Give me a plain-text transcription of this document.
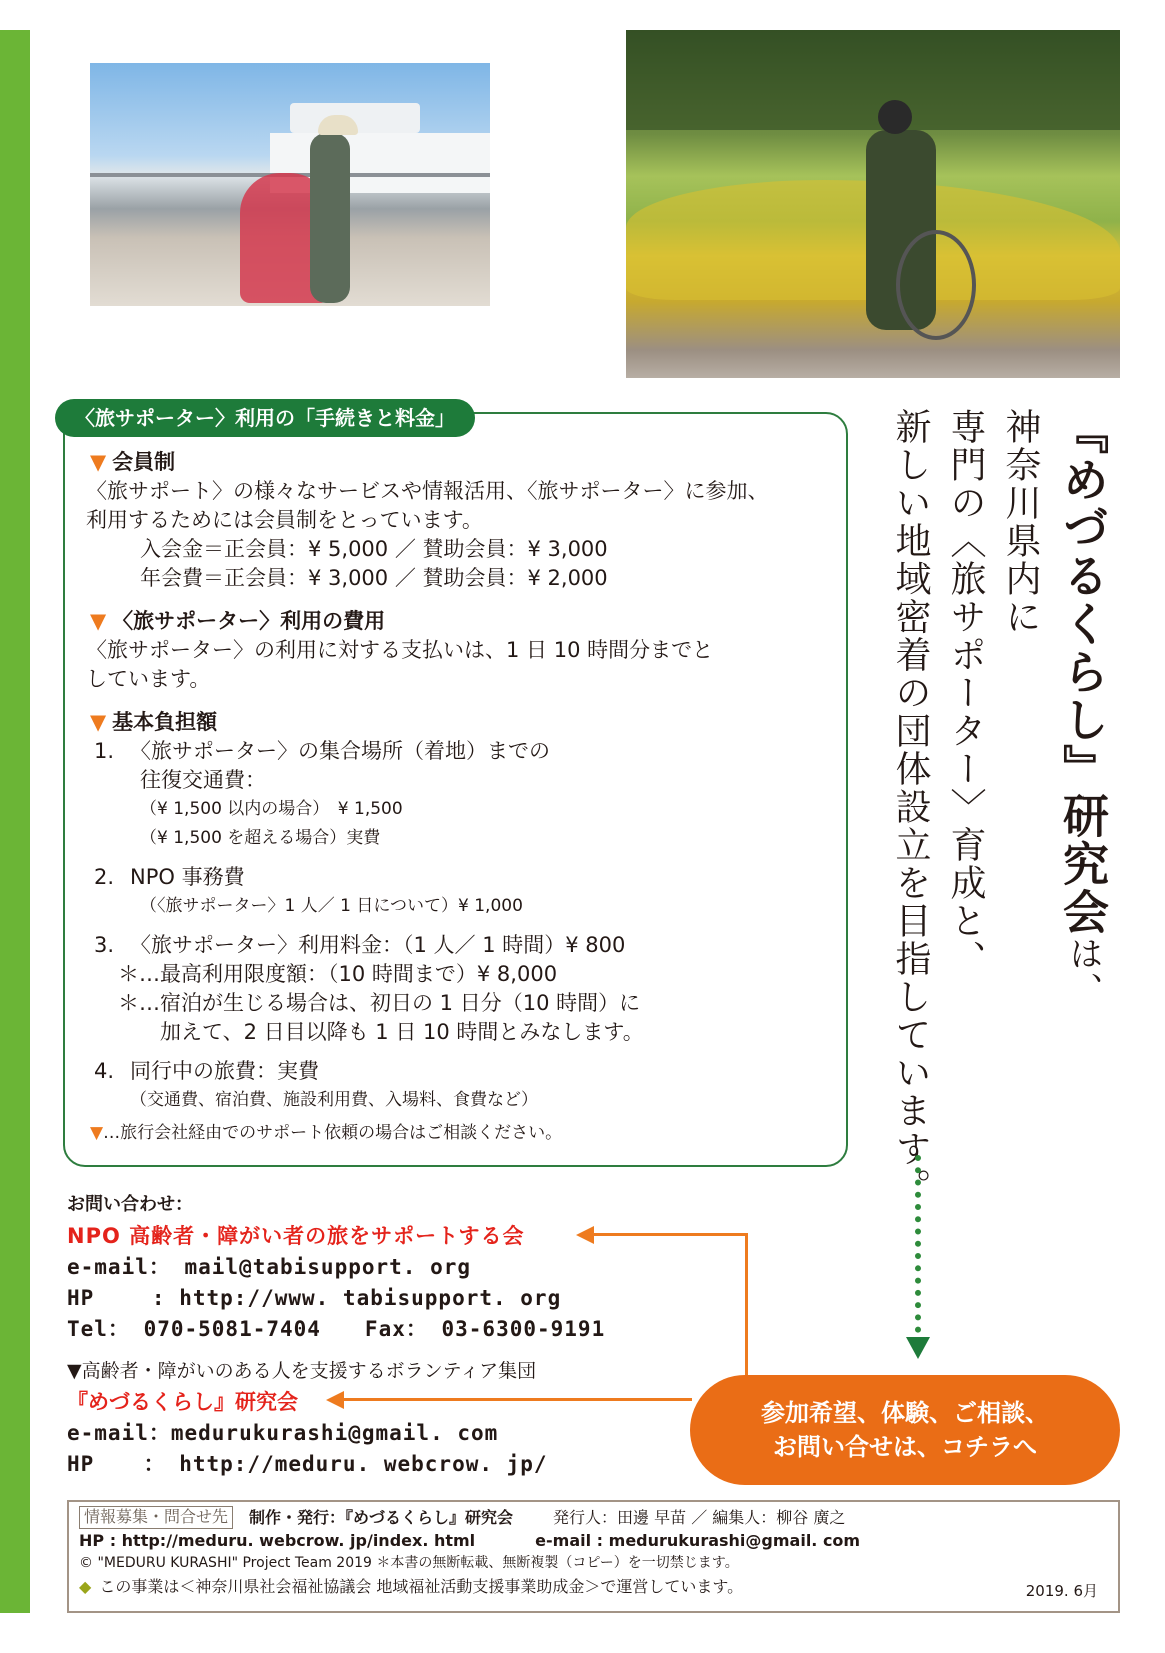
〈旅サポーター〉利用の「手続きと料金」
▼ 会員制
〈旅サポート〉の様々なサービスや情報活用、〈旅サポーター〉に参加、
利用するためには会員制をとっています。
入会金＝正会員：¥ 5,000 ／ 賛助会員：¥ 3,000
年会費＝正会員：¥ 3,000 ／ 賛助会員：¥ 2,000
▼ 〈旅サポーター〉利用の費用
〈旅サポーター〉の利用に対する支払いは、1 日 10 時間分までと
しています。
▼ 基本負担額
1. 〈旅サポーター〉の集合場所（着地）までの
往復交通費：
（¥ 1,500 以内の場合）　¥ 1,500
（¥ 1,500 を超える場合）実費
2. NPO 事務費
（〈旅サポーター〉1 人／ 1 日について）¥ 1,000
3. 〈旅サポーター〉利用料金：（1 人／ 1 時間）¥ 800
＊…最高利用限度額：（10 時間まで）¥ 8,000
＊…宿泊が生じる場合は、初日の 1 日分（10 時間）に
加えて、2 日目以降も 1 日 10 時間とみなします。
4. 同行中の旅費：実費
（交通費、宿泊費、施設利用費、入場料、食費など）
▼…旅行会社経由でのサポート依頼の場合はご相談ください。
『めづるくらし』研究会は、
神奈川県内に
専門の〈旅サポーター〉育成と、
新しい地域密着の団体設立を目指しています。
お問い合わせ：
NPO 高齢者・障がい者の旅をサポートする会
e-mail： mail@tabisupport. org
HP 　　: http://www. tabisupport. org
Tel： 070-5081-7404　　Fax： 03-6300-9191
▼高齢者・障がいのある人を支援するボランティア集団
『めづるくらし』研究会
e-mail：medurukurashi@gmail. com
HP 　 ： http://meduru. webcrow. jp/
参加希望、体験、ご相談、
お問い合せは、コチラへ
情報募集・問合せ先	制作・発行：『めづるくらし』研究会	発行人：田邊 早苗 ／ 編集人：柳谷 廣之
HP : http://meduru. webcrow. jp/index. html	e-mail : medurukurashi@gmail. com
© "MEDURU KURASHI" Project Team 2019 ＊本書の無断転載、無断複製（コピー）を一切禁じます。
◆ この事業は＜神奈川県社会福祉協議会 地域福祉活動支援事業助成金＞で運営しています。	2019. 6月
